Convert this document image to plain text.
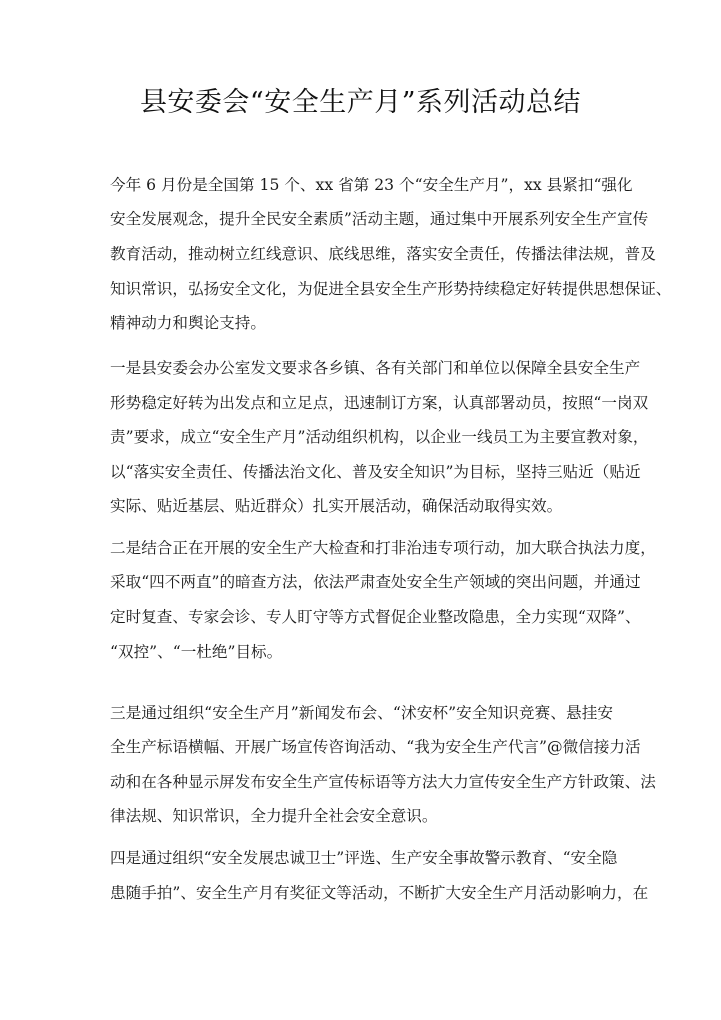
县安委会“安全生产月”系列活动总结
今年 6 月份是全国第 15 个、xx 省第 23 个“安全生产月”，xx 县紧扣“强化
安全发展观念，提升全民安全素质”活动主题，通过集中开展系列安全生产宣传
教育活动，推动树立红线意识、底线思维，落实安全责任，传播法律法规，普及
知识常识，弘扬安全文化，为促进全县安全生产形势持续稳定好转提供思想保证、
精神动力和舆论支持。
一是县安委会办公室发文要求各乡镇、各有关部门和单位以保障全县安全生产
形势稳定好转为出发点和立足点，迅速制订方案，认真部署动员，按照“一岗双
责”要求，成立“安全生产月”活动组织机构，以企业一线员工为主要宣教对象，
以“落实安全责任、传播法治文化、普及安全知识”为目标，坚持三贴近（贴近
实际、贴近基层、贴近群众）扎实开展活动，确保活动取得实效。
二是结合正在开展的安全生产大检查和打非治违专项行动，加大联合执法力度，
采取“四不两直”的暗查方法，依法严肃查处安全生产领域的突出问题，并通过
定时复查、专家会诊、专人盯守等方式督促企业整改隐患，全力实现“双降”、
“双控”、“一杜绝”目标。
三是通过组织“安全生产月”新闻发布会、“沭安杯”安全知识竞赛、悬挂安
全生产标语横幅、开展广场宣传咨询活动、“我为安全生产代言”@微信接力活
动和在各种显示屏发布安全生产宣传标语等方法大力宣传安全生产方针政策、法
律法规、知识常识，全力提升全社会安全意识。
四是通过组织“安全发展忠诚卫士”评选、生产安全事故警示教育、“安全隐
患随手拍”、安全生产月有奖征文等活动，不断扩大安全生产月活动影响力，在
